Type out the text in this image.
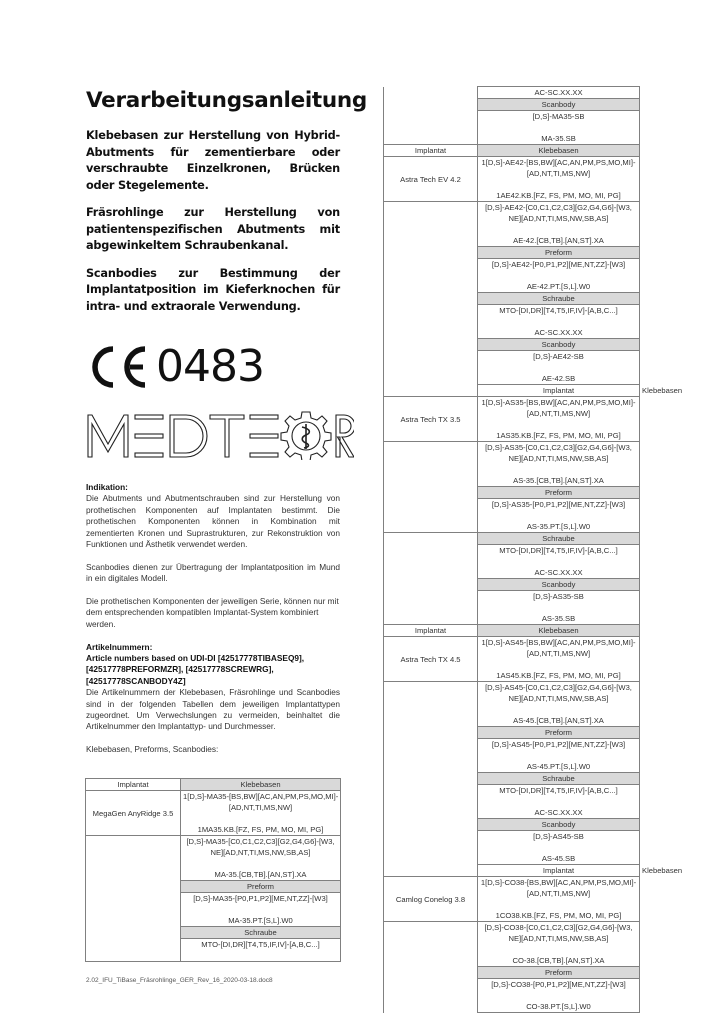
Verarbeitungsanleitung

Klebebasen zur Herstellung von Hybrid-Abutments für zementierbare oder verschraubte Einzelkronen, Brücken oder Stegelemente.

Fräsrohlinge zur Herstellung von patientenspezifischen Abutments mit abgewinkeltem Schraubenkanal.

Scanbodies zur Bestimmung der Implantatposition im Kieferknochen für intra- und extraorale Verwendung.

0483

Indikation:

Die Abutments und Abutmentschrauben sind zur Herstellung von prothetischen Komponenten auf Implantaten bestimmt. Die prothetischen Komponenten können in Kombination mit zementierten Kronen und Suprastrukturen, zur Rekonstruktion von Funktionen und Ästhetik verwendet werden.

Scanbodies dienen zur Übertragung der Implantatposition im Mund in ein digitales Modell.

Die prothetischen Komponenten der jeweiligen Serie, können nur mit dem entsprechenden kompatiblen Implantat-System kombiniert werden.

Artikelnummern:

Article numbers based on UDI-DI [42517778TIBASEQ9], [42517778PREFORMZR], [42517778SCREWRG], [42517778SCANBODY4Z]

Die Artikelnummern der Klebebasen, Fräsrohlinge und Scanbodies sind in der folgenden Tabellen dem jeweiligen Implantattypen zugeordnet. Um Verwechslungen zu vermeiden, beinhaltet die Artikelnummer den Implantattyp- und Durchmesser.

Klebebasen, Preforms, Scanbodies:

Implantat	Klebebasen
MegaGen AnyRidge 3.5	1[D,S]-MA35-[BS,BW][AC,AN,PM,PS,MO,MI]-
[AD,NT,TI,MS,NW]
1MA35.KB.[FZ, FS, PM, MO, MI, PG]

	[D,S]-MA35-[C0,C1,C2,C3][G2,G4,G6]-[W3,
NE][AD,NT,TI,MS,NW,SB,AS]
MA-35.[CB,TB].[AN,ST].XA

	Preform

	[D,S]-MA35-[P0,P1,P2][ME,NT,ZZ]-[W3]
MA-35.PT.[S,L].W0

	Schraube

	MTO-[DI,DR][T4,T5,IF,IV]-[A,B,C...]

	AC-SC.XX.XX	

	Scanbody	

	[D,S]-MA35-SB
MA-35.SB	

Implantat	Klebebasen	
Astra Tech EV 4.2	1[D,S]-AE42-[BS,BW][AC,AN,PM,PS,MO,MI]-
[AD,NT,TI,MS,NW]
1AE42.KB.[FZ, FS, PM, MO, MI, PG]	

	[D,S]-AE42-[C0,C1,C2,C3][G2,G4,G6]-[W3,
NE][AD,NT,TI,MS,NW,SB,AS]
AE-42.[CB,TB].[AN,ST].XA	

	Preform	

	[D,S]-AE42-[P0,P1,P2][ME,NT,ZZ]-[W3]
AE-42.PT.[S,L].W0	

	Schraube	

	MTO-[DI,DR][T4,T5,IF,IV]-[A,B,C...]
AC-SC.XX.XX	

	Scanbody	

	[D,S]-AE42-SB
AE-42.SB	

	Implantat	Klebebasen
Astra Tech TX 3.5	1[D,S]-AS35-[BS,BW][AC,AN,PM,PS,MO,MI]-
[AD,NT,TI,MS,NW]
1AS35.KB.[FZ, FS, PM, MO, MI, PG]	

	[D,S]-AS35-[C0,C1,C2,C3][G2,G4,G6]-[W3,
NE][AD,NT,TI,MS,NW,SB,AS]
AS-35.[CB,TB].[AN,ST].XA	

	Preform	

	[D,S]-AS35-[P0,P1,P2][ME,NT,ZZ]-[W3]
AS-35.PT.[S,L].W0	

	Schraube	

	MTO-[DI,DR][T4,T5,IF,IV]-[A,B,C...]
AC-SC.XX.XX	

	Scanbody	

	[D,S]-AS35-SB
AS-35.SB	

Implantat	Klebebasen	
Astra Tech TX 4.5	1[D,S]-AS45-[BS,BW][AC,AN,PM,PS,MO,MI]-
[AD,NT,TI,MS,NW]
1AS45.KB.[FZ, FS, PM, MO, MI, PG]	

	[D,S]-AS45-[C0,C1,C2,C3][G2,G4,G6]-[W3,
NE][AD,NT,TI,MS,NW,SB,AS]
AS-45.[CB,TB].[AN,ST].XA	

	Preform	

	[D,S]-AS45-[P0,P1,P2][ME,NT,ZZ]-[W3]
AS-45.PT.[S,L].W0	

	Schraube	

	MTO-[DI,DR][T4,T5,IF,IV]-[A,B,C...]
AC-SC.XX.XX	

	Scanbody	

	[D,S]-AS45-SB
AS-45.SB	

	Implantat	Klebebasen
Camlog Conelog 3.8	1[D,S]-CO38-[BS,BW][AC,AN,PM,PS,MO,MI]-
[AD,NT,TI,MS,NW]
1CO38.KB.[FZ, FS, PM, MO, MI, PG]	

	[D,S]-CO38-[C0,C1,C2,C3][G2,G4,G6]-[W3,
NE][AD,NT,TI,MS,NW,SB,AS]
CO-38.[CB,TB].[AN,ST].XA	

	Preform	

	[D,S]-CO38-[P0,P1,P2][ME,NT,ZZ]-[W3]
CO-38.PT.[S,L].W0	
2.02_IFU_TiBase_Fräsrohlinge_GER_Rev_16_2020-03-18.doc8
